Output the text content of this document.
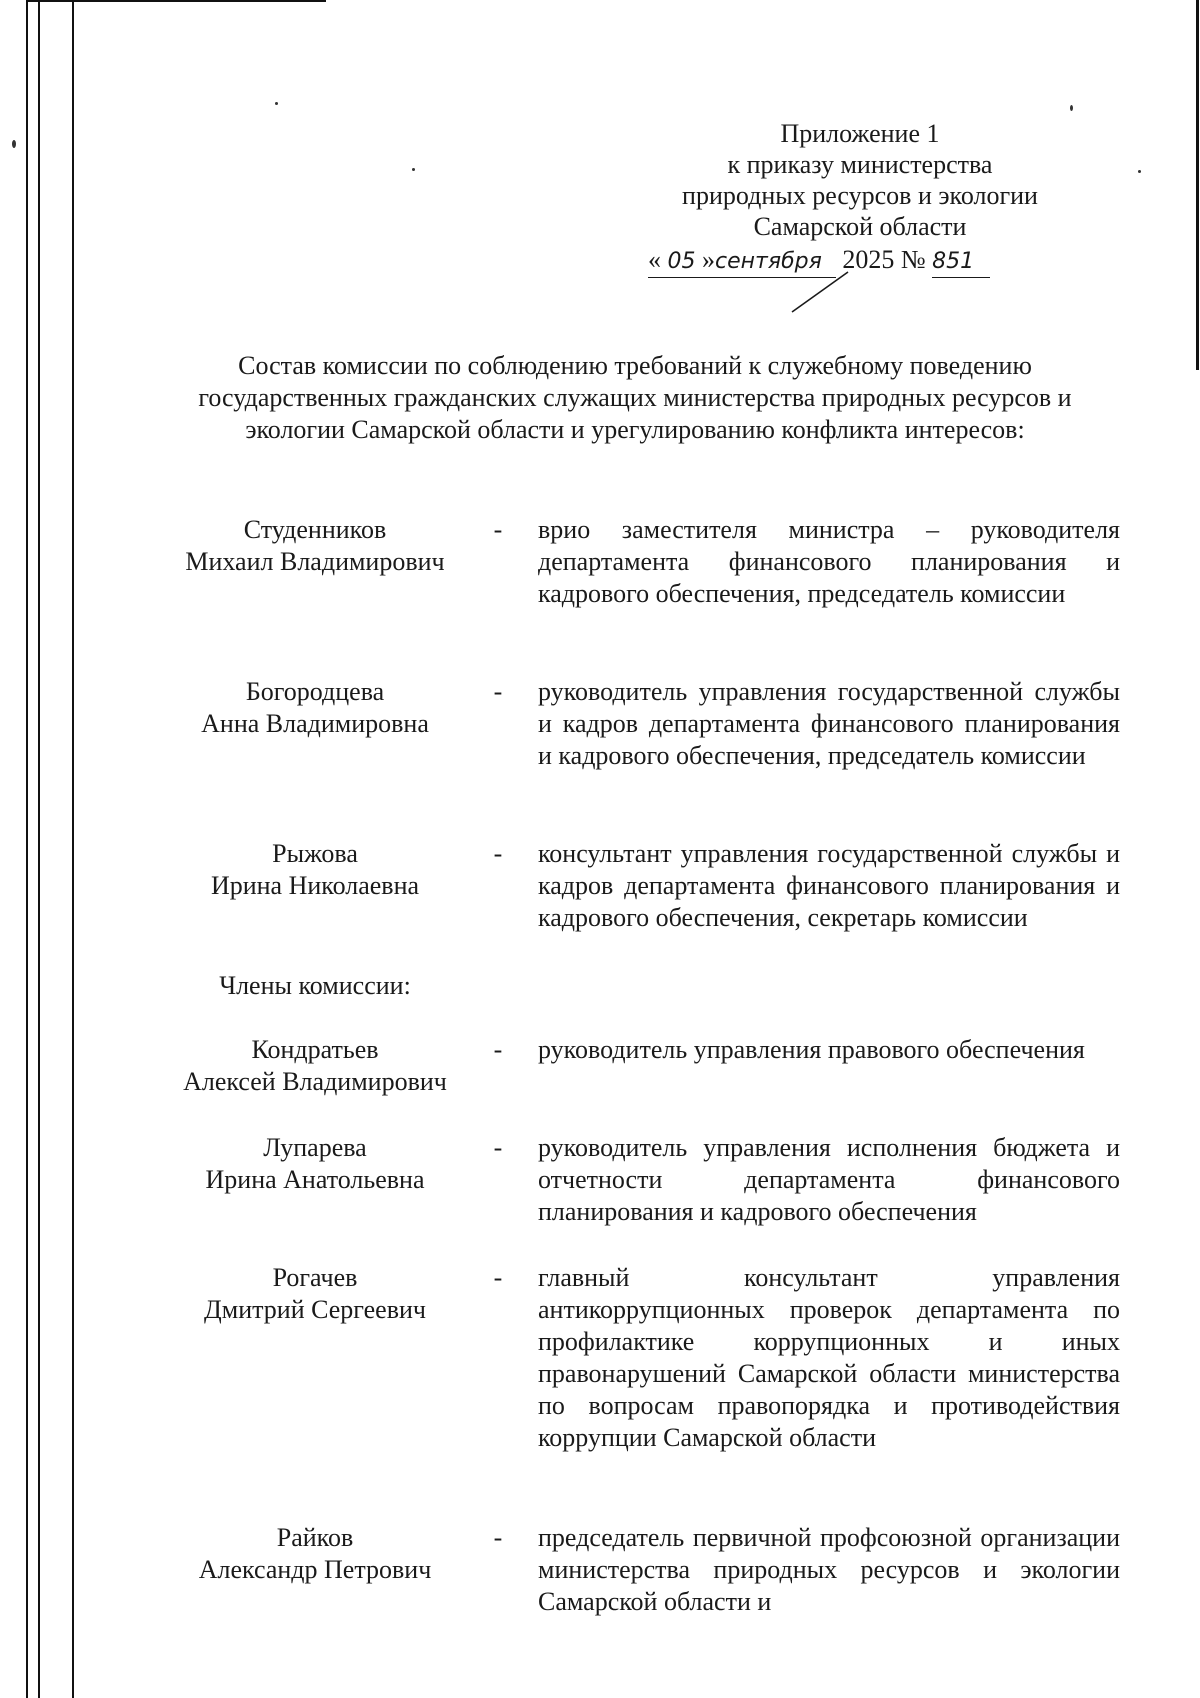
Приложение 1
к приказу министерства
природных ресурсов и экологии
Самарской области
« 05 »сентября 2025 № 851
Состав комиссии по соблюдению требований к служебному поведению государственных гражданских служащих министерства природных ресурсов и экологии Самарской области и урегулированию конфликта интересов:
Студенников
Михаил Владимирович
- врио заместителя министра – руководителя департамента финансового планирования и кадрового обеспечения, председатель комиссии
Богородцева
Анна Владимировна
- руководитель управления государственной службы и кадров департамента финансового планирования и кадрового обеспечения, председатель комиссии
Рыжова
Ирина Николаевна
- консультант управления государственной службы и кадров департамента финансового планирования и кадрового обеспечения, секретарь комиссии
Члены комиссии:
Кондратьев
Алексей Владимирович
- руководитель управления правового обеспечения
Лупарева
Ирина Анатольевна
- руководитель управления исполнения бюджета и отчетности департамента финансового планирования и кадрового обеспечения
Рогачев
Дмитрий Сергеевич
- главный консультант управления антикоррупционных проверок департамента по профилактике коррупционных и иных правонарушений Самарской области министерства по вопросам правопорядка и противодействия коррупции Самарской области
Райков
Александр Петрович
- председатель первичной профсоюзной организации министерства природных ресурсов и экологии Самарской области и
